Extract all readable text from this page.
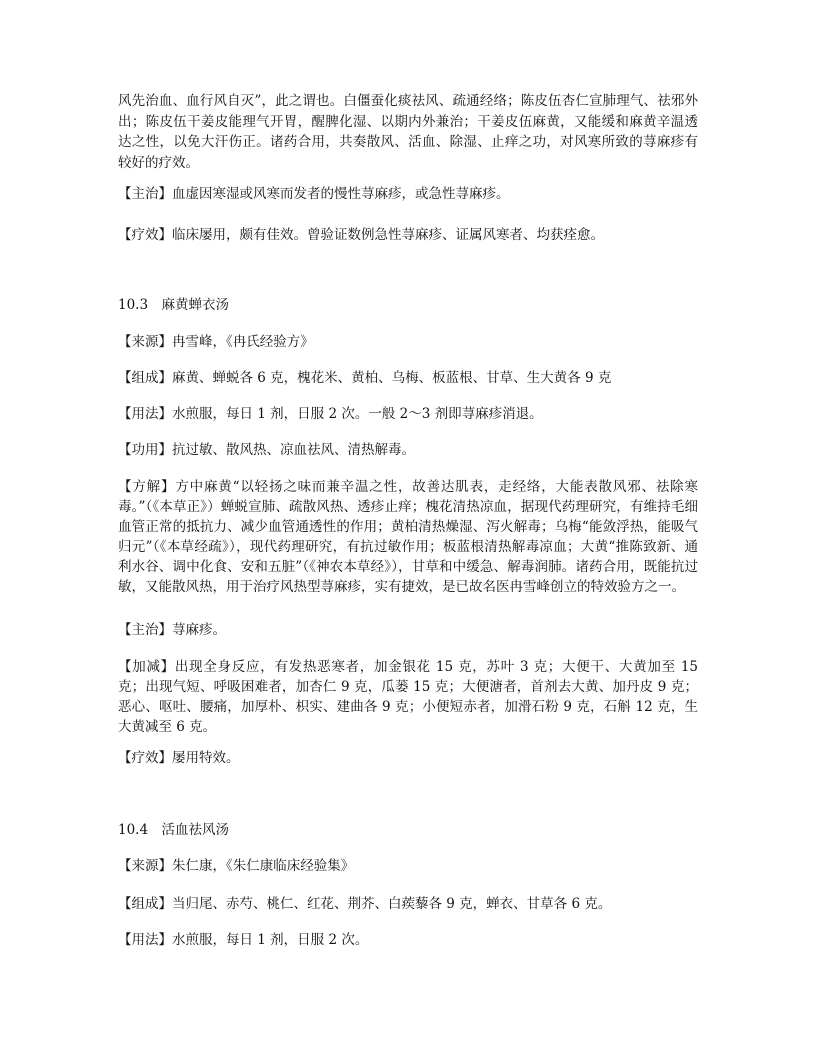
风先治血、血行风自灭”，此之谓也。白僵蚕化痰祛风、疏通经络；陈皮伍杏仁宣肺理气、祛邪外出；陈皮伍干姜皮能理气开胃，醒脾化湿、以期内外兼治；干姜皮伍麻黄，又能缓和麻黄辛温透达之性，以免大汗伤正。诸药合用，共奏散风、活血、除湿、止痒之功，对风寒所致的荨麻疹有较好的疗效。

【主治】血虚因寒湿或风寒而发者的慢性荨麻疹，或急性荨麻疹。

【疗效】临床屡用，颇有佳效。曾验证数例急性荨麻疹、证属风寒者、均获痊愈。

10.3　麻黄蝉衣汤

【来源】冉雪峰，《冉氏经验方》

【组成】麻黄、蝉蜕各 6 克，槐花米、黄柏、乌梅、板蓝根、甘草、生大黄各 9 克

【用法】水煎服，每日 1 剂，日服 2 次。一般 2～3 剂即荨麻疹消退。

【功用】抗过敏、散风热、凉血祛风、清热解毒。

【方解】方中麻黄“以轻扬之味而兼辛温之性，故善达肌表，走经络，大能表散风邪、祛除寒毒。”（《本草正》）蝉蜕宣肺、疏散风热、透疹止痒；槐花清热凉血，据现代药理研究，有维持毛细血管正常的抵抗力、减少血管通透性的作用；黄柏清热燥湿、泻火解毒；乌梅“能敛浮热，能吸气归元”（《本草经疏》），现代药理研究，有抗过敏作用；板蓝根清热解毒凉血；大黄“推陈致新、通利水谷、调中化食、安和五脏”（《神农本草经》），甘草和中缓急、解毒润肺。诸药合用，既能抗过敏，又能散风热，用于治疗风热型荨麻疹，实有捷效，是已故名医冉雪峰创立的特效验方之一。

【主治】荨麻疹。

【加减】出现全身反应，有发热恶寒者，加金银花 15 克，苏叶 3 克；大便干、大黄加至 15 克；出现气短、呼吸困难者，加杏仁 9 克，瓜蒌 15 克；大便溏者，首剂去大黄、加丹皮 9 克；恶心、呕吐、腰痛，加厚朴、枳实、建曲各 9 克；小便短赤者，加滑石粉 9 克，石斛 12 克，生大黄减至 6 克。

【疗效】屡用特效。

10.4　活血祛风汤

【来源】朱仁康，《朱仁康临床经验集》

【组成】当归尾、赤芍、桃仁、红花、荆芥、白蒺藜各 9 克，蝉衣、甘草各 6 克。

【用法】水煎服，每日 1 剂，日服 2 次。
